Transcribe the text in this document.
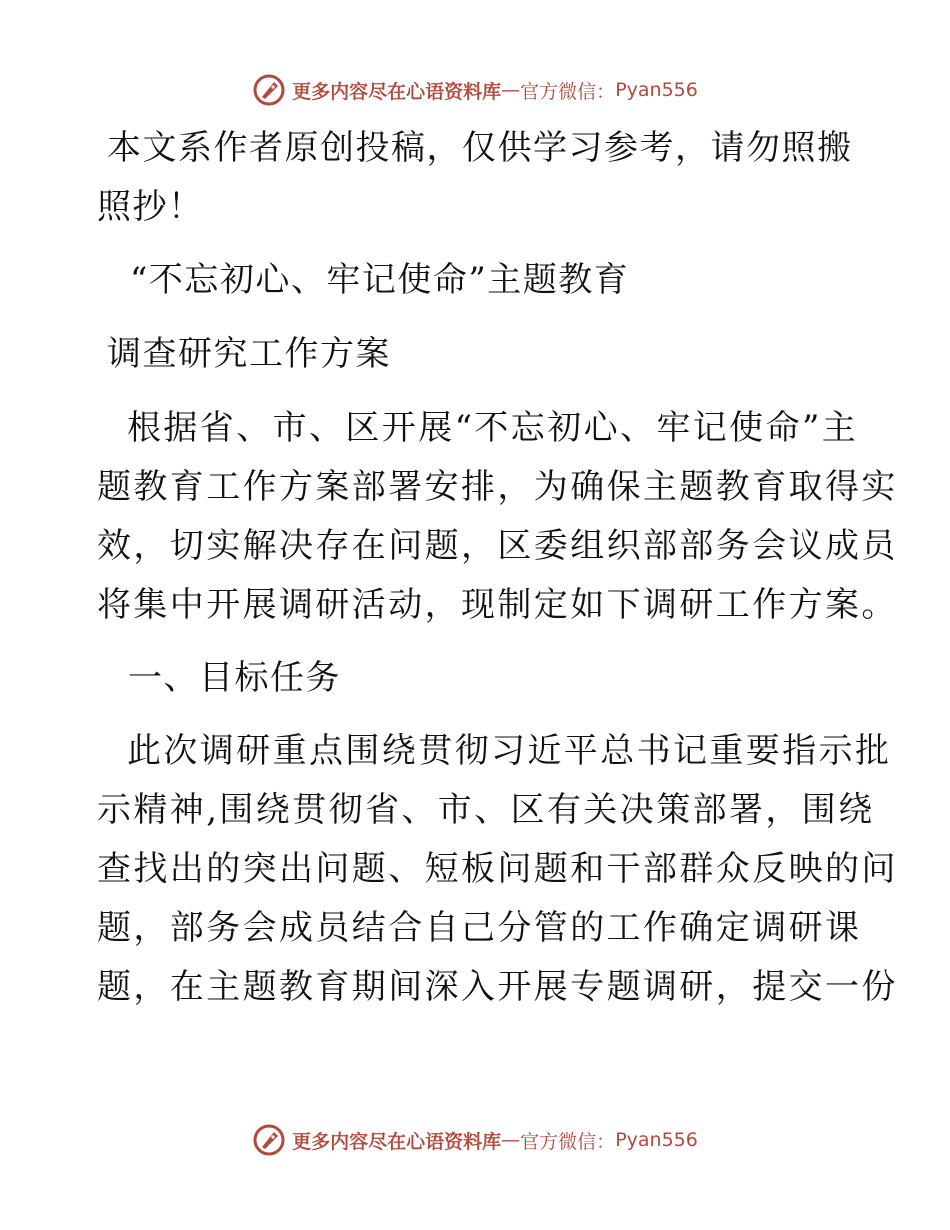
更多内容尽在心语资料库 — 官方微信： Pyan556
本文系作者原创投稿，仅供学习参考，请勿照搬
照抄！
“不忘初心、牢记使命”主题教育
调查研究工作方案

根据省、市、区开展“不忘初心、牢记使命”主

题教育工作方案部署安排，为确保主题教育取得实

效，切实解决存在问题，区委组织部部务会议成员

将集中开展调研活动，现制定如下调研工作方案。

一、目标任务

此次调研重点围绕贯彻习近平总书记重要指示批

示精神,围绕贯彻省、市、区有关决策部署，围绕

查找出的突出问题、短板问题和干部群众反映的问

题，部务会成员结合自己分管的工作确定调研课

题，在主题教育期间深入开展专题调研，提交一份

更多内容尽在心语资料库 — 官方微信： Pyan556
